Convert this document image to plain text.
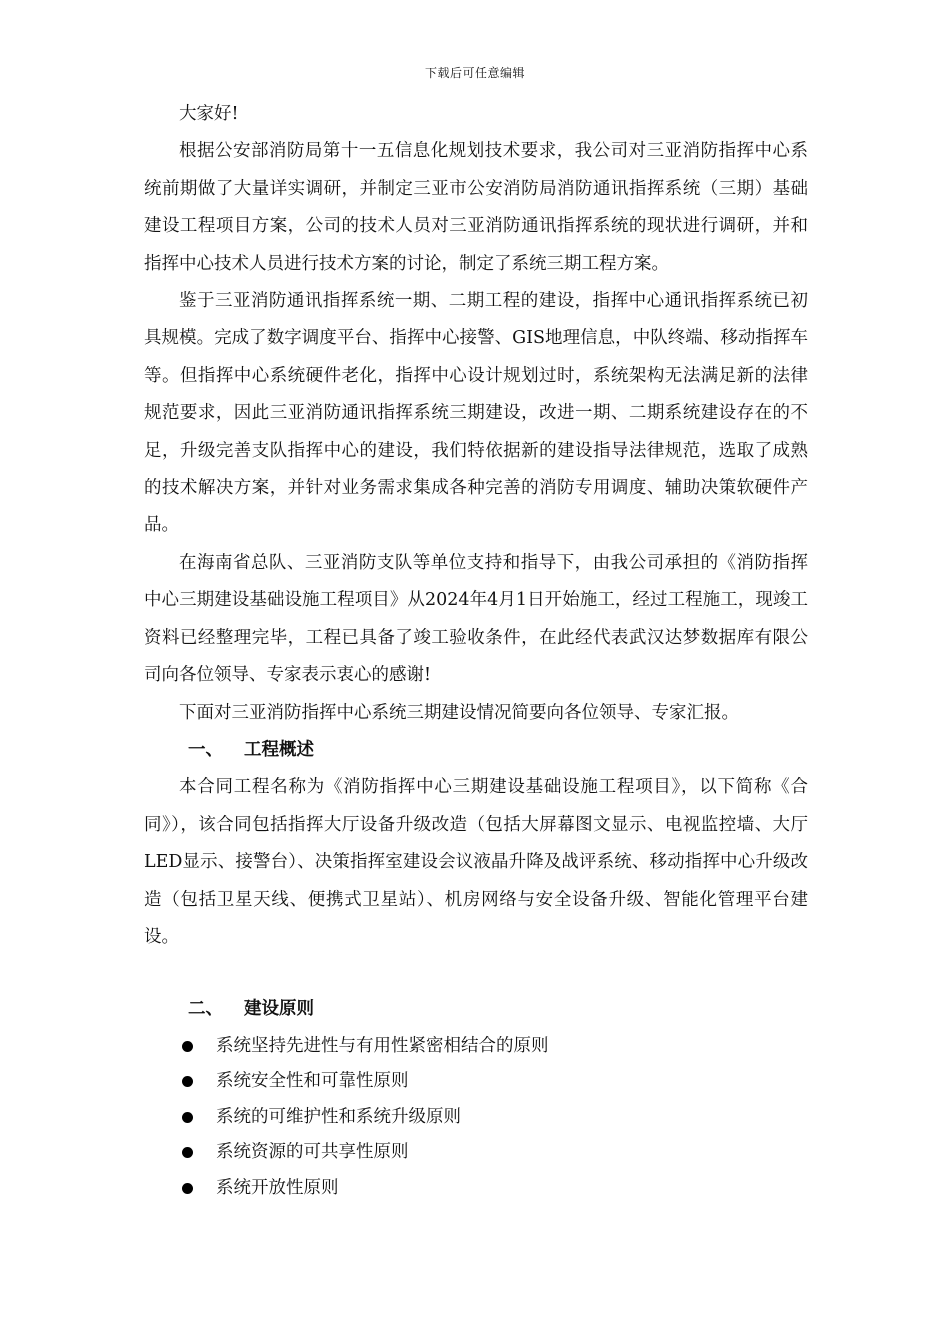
下载后可任意编辑

大家好!

根据公安部消防局第十一五信息化规划技术要求，我公司对三亚消防指挥中心系统前期做了大量详实调研，并制定三亚市公安消防局消防通讯指挥系统（三期）基础建设工程项目方案，公司的技术人员对三亚消防通讯指挥系统的现状进行调研，并和指挥中心技术人员进行技术方案的讨论，制定了系统三期工程方案。

鉴于三亚消防通讯指挥系统一期、二期工程的建设，指挥中心通讯指挥系统已初具规模。完成了数字调度平台、指挥中心接警、GIS地理信息，中队终端、移动指挥车等。但指挥中心系统硬件老化，指挥中心设计规划过时，系统架构无法满足新的法律规范要求，因此三亚消防通讯指挥系统三期建设，改进一期、二期系统建设存在的不足，升级完善支队指挥中心的建设，我们特依据新的建设指导法律规范，选取了成熟的技术解决方案，并针对业务需求集成各种完善的消防专用调度、辅助决策软硬件产品。

在海南省总队、三亚消防支队等单位支持和指导下，由我公司承担的《消防指挥中心三期建设基础设施工程项目》从2024年4月1日开始施工，经过工程施工，现竣工资料已经整理完毕，工程已具备了竣工验收条件，在此经代表武汉达梦数据库有限公司向各位领导、专家表示衷心的感谢!

下面对三亚消防指挥中心系统三期建设情况简要向各位领导、专家汇报。

一、 工程概述

本合同工程名称为《消防指挥中心三期建设基础设施工程项目》，以下简称《合同》），该合同包括指挥大厅设备升级改造（包括大屏幕图文显示、电视监控墙、大厅LED显示、接警台）、决策指挥室建设会议液晶升降及战评系统、移动指挥中心升级改造（包括卫星天线、便携式卫星站）、机房网络与安全设备升级、智能化管理平台建设。

二、 建设原则

系统坚持先进性与有用性紧密相结合的原则
系统安全性和可靠性原则
系统的可维护性和系统升级原则
系统资源的可共享性原则
系统开放性原则
